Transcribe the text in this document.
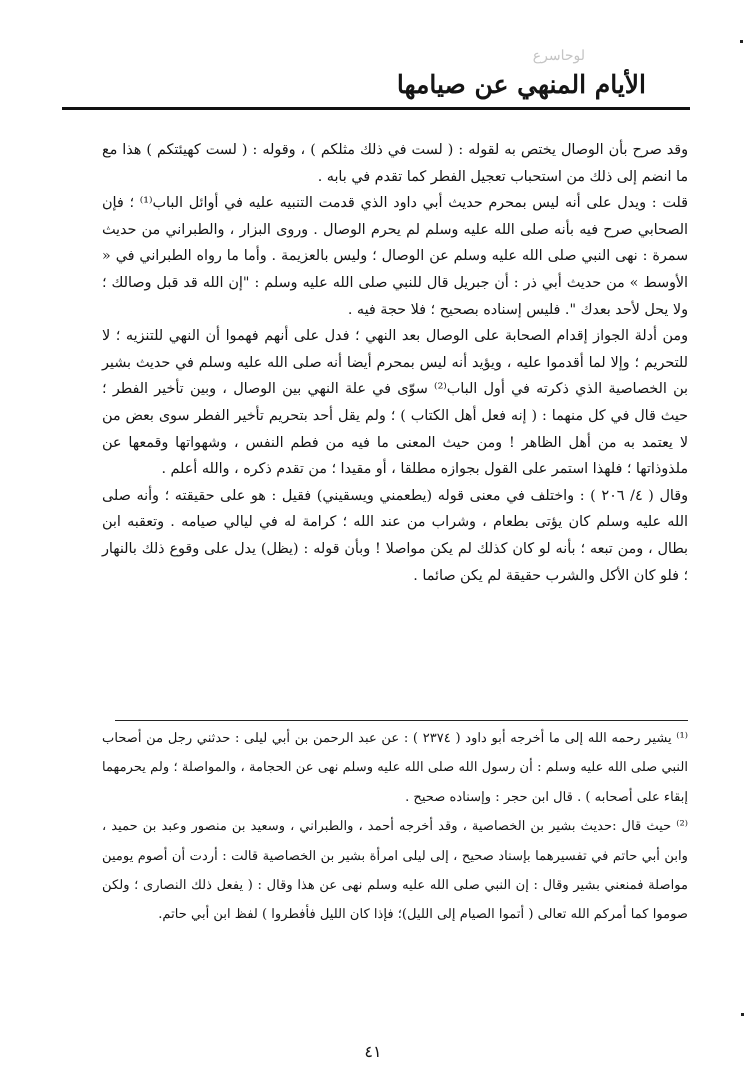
لوحاسرع
الأيام المنهي عن صيامها

وقد صرح بأن الوصال يختص به لقوله : ( لست في ذلك مثلكم ) ، وقوله : ( لست كهيئتكم ) هذا مع ما انضم إلى ذلك من استحباب تعجيل الفطر كما تقدم في بابه .

قلت : ويدل على أنه ليس بمحرم حديث أبي داود الذي قدمت التنبيه عليه في أوائل الباب⁽¹⁾ ؛ فإن الصحابي صرح فيه بأنه صلى الله عليه وسلم لم يحرم الوصال . وروى البزار ، والطبراني من حديث سمرة : نهى النبي صلى الله عليه وسلم عن الوصال ؛ وليس بالعزيمة . وأما ما رواه الطبراني في « الأوسط » من حديث أبي ذر : أن جبريل قال للنبي صلى الله عليه وسلم : "إن الله قد قبل وصالك ؛ ولا يحل لأحد بعدك ". فليس إسناده بصحيح ؛ فلا حجة فيه .

ومن أدلة الجواز إقدام الصحابة على الوصال بعد النهي ؛ فدل على أنهم فهموا أن النهي للتنزيه ؛ لا للتحريم ؛ وإلا لما أقدموا عليه ، ويؤيد أنه ليس بمحرم أيضا أنه صلى الله عليه وسلم في حديث بشير بن الخصاصية الذي ذكرته في أول الباب⁽²⁾ سوّى في علة النهي بين الوصال ، وبين تأخير الفطر ؛ حيث قال في كل منهما : ( إنه فعل أهل الكتاب ) ؛ ولم يقل أحد بتحريم تأخير الفطر سوى بعض من لا يعتمد به من أهل الظاهر ! ومن حيث المعنى ما فيه من فطم النفس ، وشهواتها وقمعها عن ملذوذاتها ؛ فلهذا استمر على القول بجوازه مطلقا ، أو مقيدا ؛ من تقدم ذكره ، والله أعلم .

وقال ( ٤/ ٢٠٦ ) : واختلف في معنى قوله (يطعمني ويسقيني) فقيل : هو على حقيقته ؛ وأنه صلى الله عليه وسلم كان يؤتى بطعام ، وشراب من عند الله ؛ كرامة له في ليالي صيامه . وتعقبه ابن بطال ، ومن تبعه ؛ بأنه لو كان كذلك لم يكن مواصلا ! وبأن قوله : (يظل) يدل على وقوع ذلك بالنهار ؛ فلو كان الأكل والشرب حقيقة لم يكن صائما .

⁽¹⁾ يشير رحمه الله إلى ما أخرجه أبو داود ( ٢٣٧٤ ) : عن عبد الرحمن بن أبي ليلى : حدثني رجل من أصحاب النبي صلى الله عليه وسلم : أن رسول الله صلى الله عليه وسلم نهى عن الحجامة ، والمواصلة ؛ ولم يحرمهما إبقاء على أصحابه ) . قال ابن حجر : وإسناده صحيح .

⁽²⁾ حيث قال :حديث بشير بن الخصاصية ، وقد أخرجه أحمد ، والطبراني ، وسعيد بن منصور وعبد بن حميد ، وابن أبي حاتم في تفسيرهما بإسناد صحيح ، إلى ليلى امرأة بشير بن الخصاصية قالت : أردت أن أصوم يومين مواصلة فمنعني بشير وقال : إن النبي صلى الله عليه وسلم نهى عن هذا وقال : ( يفعل ذلك النصارى ؛ ولكن صوموا كما أمركم الله تعالى ( أتموا الصيام إلى الليل)؛ فإذا كان الليل فأفطروا ) لفظ ابن أبي حاتم.

٤١
